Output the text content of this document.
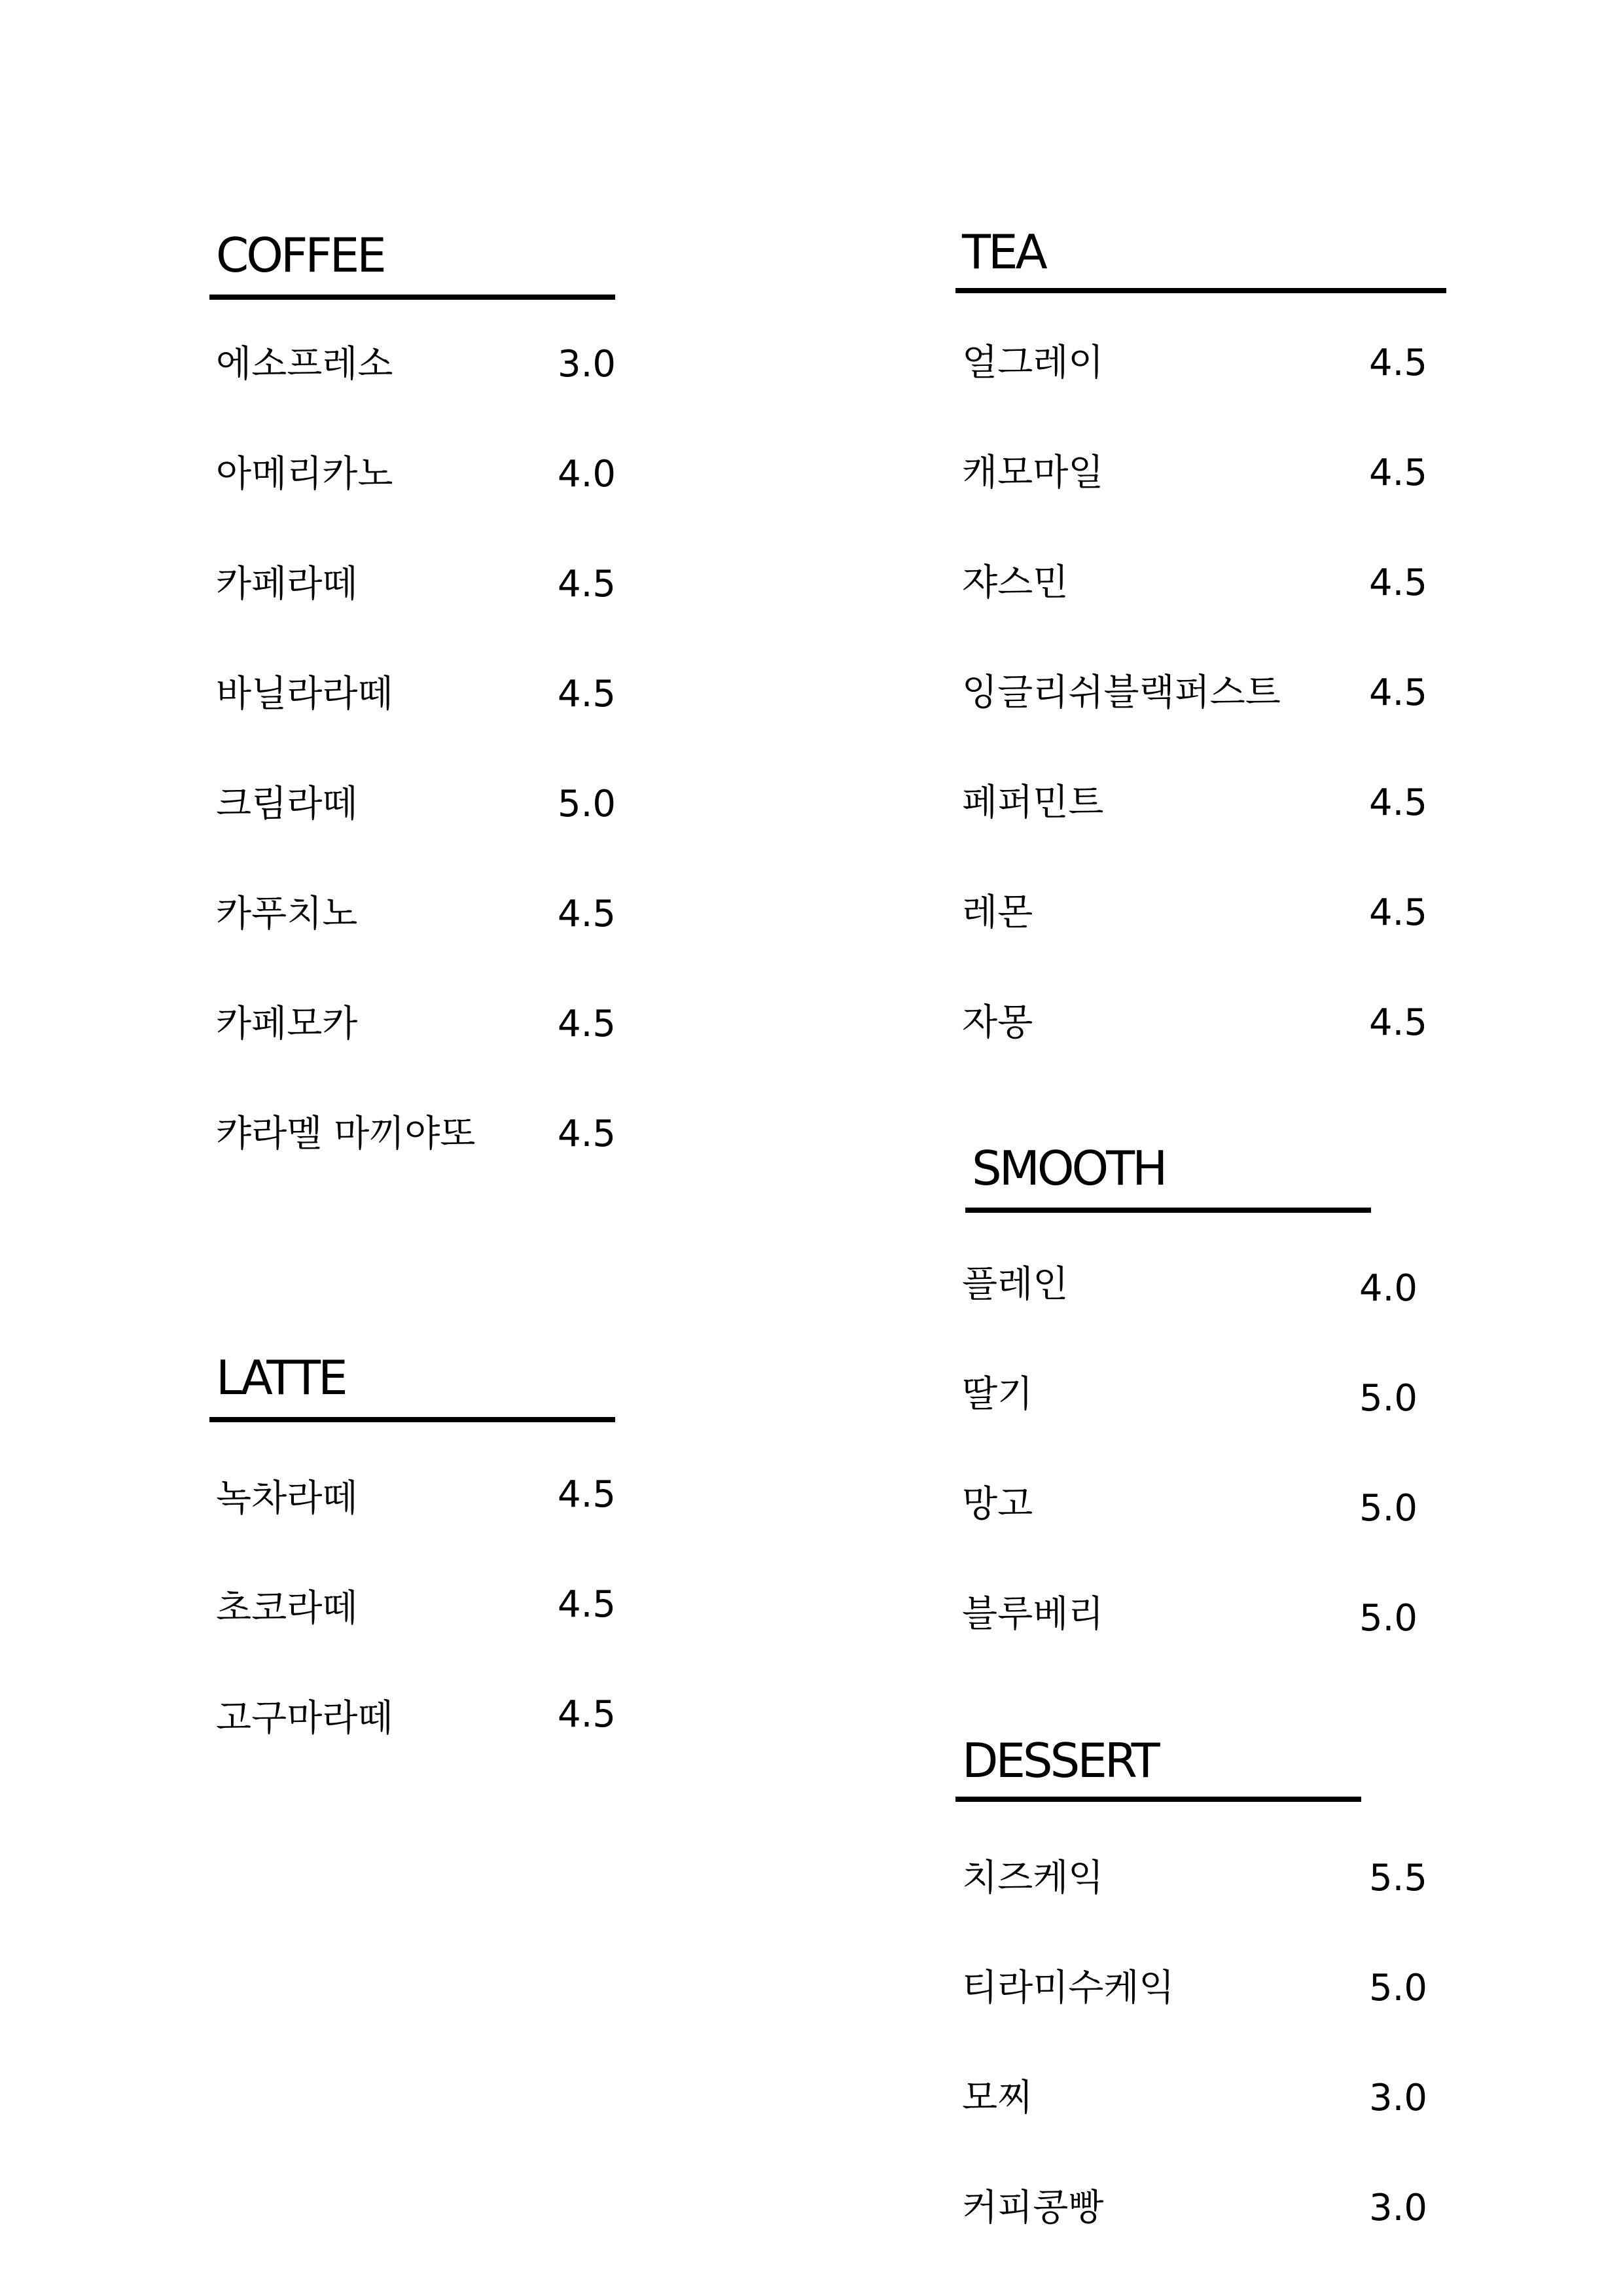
COFFEE
에소프레소	3.0
아메리카노	4.0
카페라떼	4.5
바닐라라떼	4.5
크림라떼	5.0
카푸치노	4.5
카페모카	4.5
캬라멜 마끼야또 4.5
LATTE
녹차라떼	4.5
초코라떼	4.5
고구마라떼	4.5
TEA
얼그레이	4.5
캐모마일	4.5
쟈스민	4.5
잉글리쉬블랙퍼스트 4.5
페퍼민트	4.5
레몬	4.5
자몽	4.5
SMOOTH
플레인	4.0
딸기	5.0
망고	5.0
블루베리	5.0
DESSERT
치즈케익	5.5
티라미수케익	5.0
모찌	3.0
커피콩빵	3.0
